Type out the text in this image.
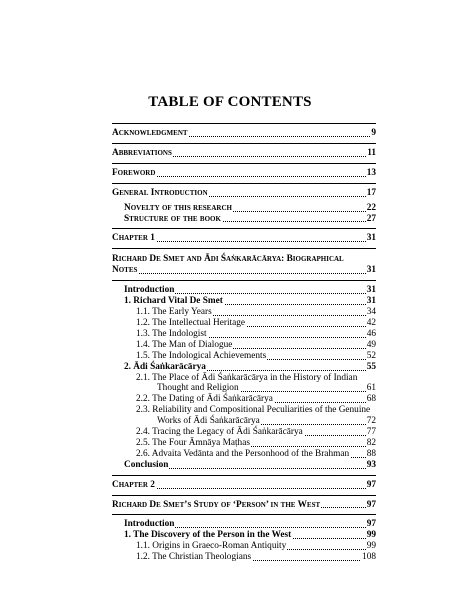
TABLE OF CONTENTS
Acknowledgment	9
Abbreviations	11
Foreword	13
General Introduction	17
Novelty of this research	22
Structure of the book	27
Chapter 1	31
Richard De Smet and Ādi Śaṅkarācārya: Biographical
Notes	31
Introduction	31
1. Richard Vital De Smet	31
1.1. The Early Years	34
1.2. The Intellectual Heritage	42
1.3. The Indologist	46
1.4. The Man of Dialogue	49
1.5. The Indological Achievements	52
2. Ādi Śaṅkarācārya	55
2.1. The Place of Ādi Śaṅkarācārya in the History of Indian
Thought and Religion	61
2.2. The Dating of Ādi Śaṅkarācārya	68
2.3. Reliability and Compositional Peculiarities of the Genuine
Works of Ādi Śaṅkarācārya	72
2.4. Tracing the Legacy of Ādi Śaṅkarācārya	77
2.5. The Four Āmnāya Maṭhas	82
2.6. Advaita Vedānta and the Personhood of the Brahman 88
Conclusion	93
Chapter 2	97
Richard De Smet’s Study of ‘Person’ in the West	97
Introduction	97
1. The Discovery of the Person in the West	99
1.1. Origins in Graeco-Roman Antiquity	99
1.2. The Christian Theologians	108
